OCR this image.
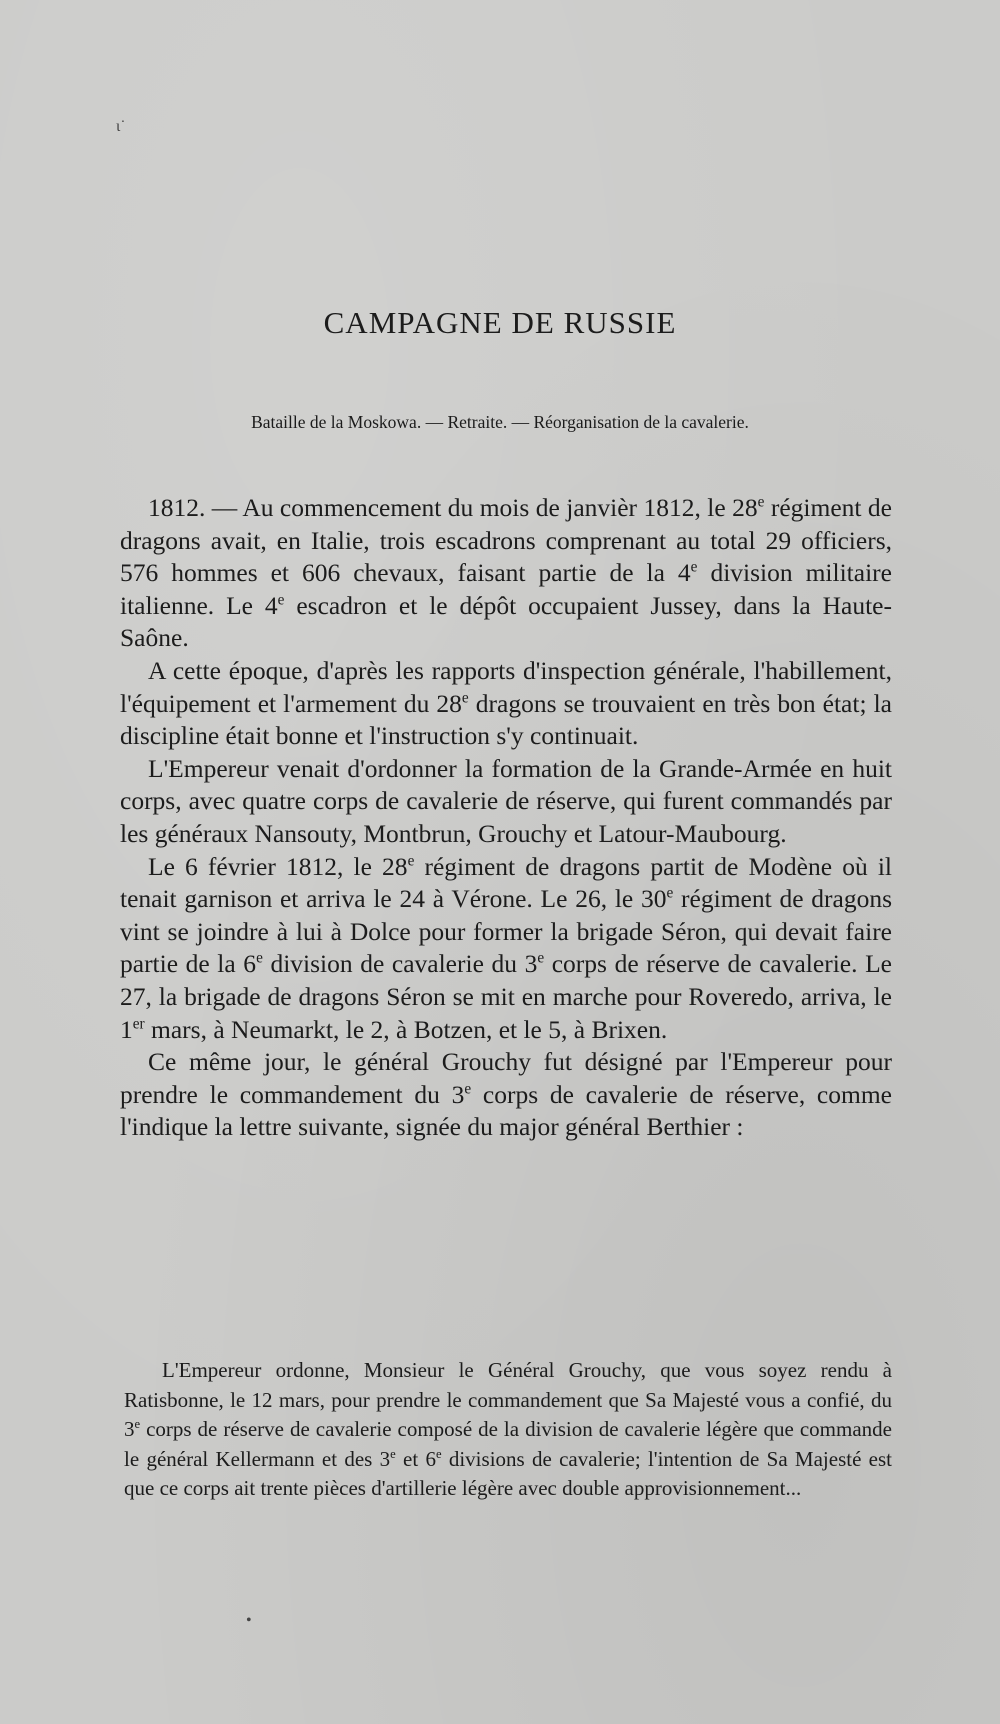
ɩ˙
CAMPAGNE DE RUSSIE

Bataille de la Moskowa. — Retraite. — Réorganisation de la cavalerie.

1812. — Au commencement du mois de janvièr 1812, le 28e régiment de dragons avait, en Italie, trois escadrons comprenant au total 29 officiers, 576 hommes et 606 chevaux, faisant partie de la 4e division militaire italienne. Le 4e escadron et le dépôt occupaient Jussey, dans la Haute-Saône.

A cette époque, d'après les rapports d'inspection générale, l'habillement, l'équipement et l'armement du 28e dragons se trouvaient en très bon état; la discipline était bonne et l'instruction s'y continuait.

L'Empereur venait d'ordonner la formation de la Grande-Armée en huit corps, avec quatre corps de cavalerie de réserve, qui furent commandés par les généraux Nansouty, Montbrun, Grouchy et Latour-Maubourg.

Le 6 février 1812, le 28e régiment de dragons partit de Modène où il tenait garnison et arriva le 24 à Vérone. Le 26, le 30e régiment de dragons vint se joindre à lui à Dolce pour former la brigade Séron, qui devait faire partie de la 6e division de cavalerie du 3e corps de réserve de cavalerie. Le 27, la brigade de dragons Séron se mit en marche pour Roveredo, arriva, le 1er mars, à Neumarkt, le 2, à Botzen, et le 5, à Brixen.

Ce même jour, le général Grouchy fut désigné par l'Empereur pour prendre le commandement du 3e corps de cavalerie de réserve, comme l'indique la lettre suivante, signée du major général Berthier :

L'Empereur ordonne, Monsieur le Général Grouchy, que vous soyez rendu à Ratisbonne, le 12 mars, pour prendre le commandement que Sa Majesté vous a confié, du 3e corps de réserve de cavalerie composé de la division de cavalerie légère que commande le général Kellermann et des 3e et 6e divisions de cavalerie; l'intention de Sa Majesté est que ce corps ait trente pièces d'artillerie légère avec double approvisionnement...

•
